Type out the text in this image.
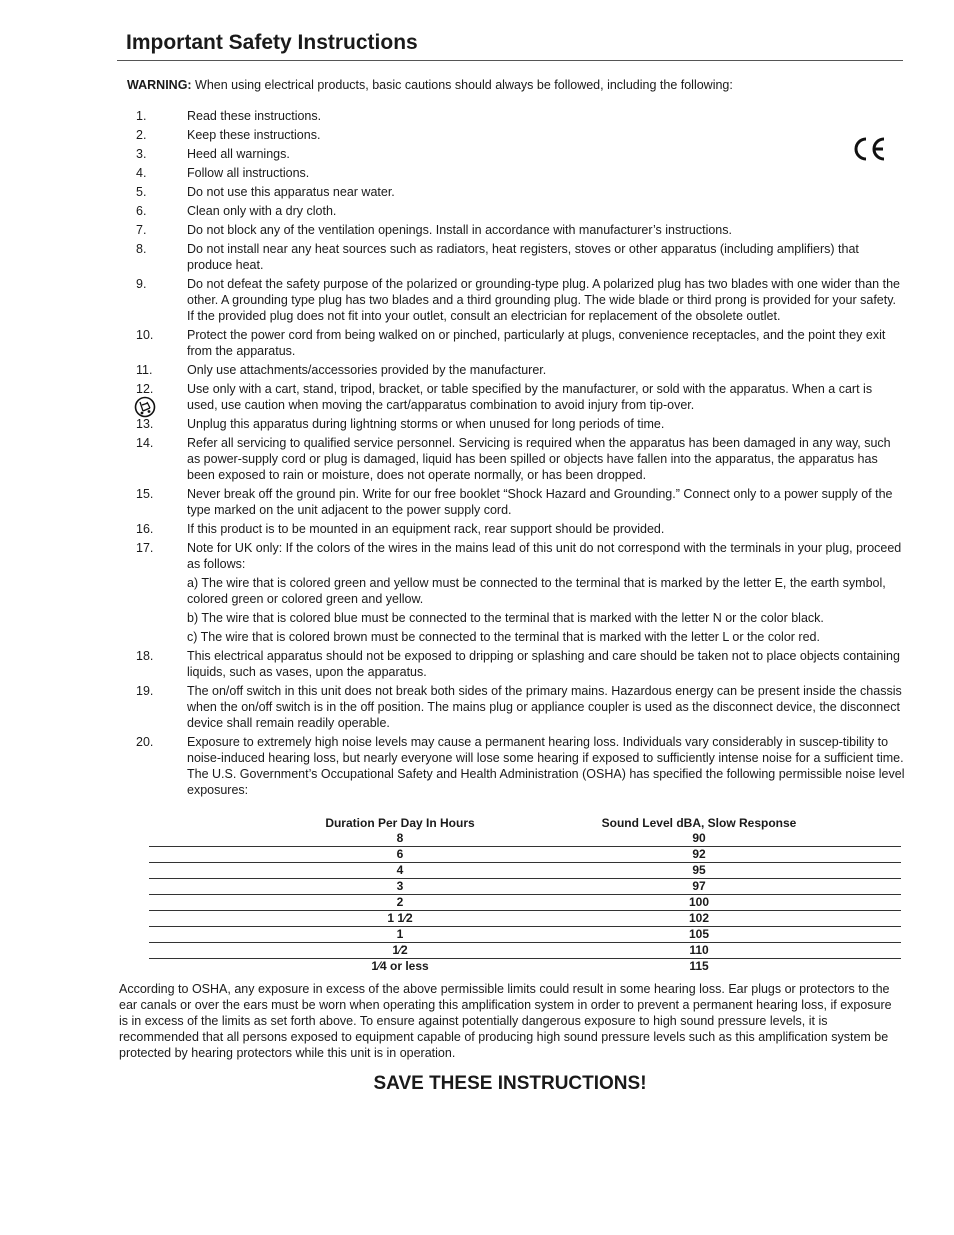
Important Safety Instructions

WARNING: When using electrical products, basic cautions should always be followed, including the following:

1.	Read these instructions.
2.	Keep these instructions.
3.	Heed all warnings.
4.	Follow all instructions.
5.	Do not use this apparatus near water.
6.	Clean only with a dry cloth.
7.	Do not block any of the ventilation openings. Install in accordance with manufacturer’s instructions.
8.	Do not install near any heat sources such as radiators, heat registers, stoves or other apparatus (including amplifiers) that produce heat.
9.	Do not defeat the safety purpose of the polarized or grounding-type plug. A polarized plug has two blades with one wider than the other. A grounding type plug has two blades and a third grounding plug. The wide blade or third prong is provided for your safety. If the provided plug does not fit into your outlet, consult an electrician for replacement of the obsolete outlet.
10.	Protect the power cord from being walked on or pinched, particularly at plugs, convenience receptacles, and the point they exit from the apparatus.
11.	Only use attachments/accessories provided by the manufacturer.
12.	Use only with a cart, stand, tripod, bracket, or table specified by the manufacturer, or sold with the apparatus. When a cart is used, use caution when moving the cart/apparatus combination to avoid injury from tip-over.
13.	Unplug this apparatus during lightning storms or when unused for long periods of time.
14.	Refer all servicing to qualified service personnel. Servicing is required when the apparatus has been damaged in any way, such as power-supply cord or plug is damaged, liquid has been spilled or objects have fallen into the apparatus, the apparatus has been exposed to rain or moisture, does not operate normally, or has been dropped.
15.	Never break off the ground pin. Write for our free booklet “Shock Hazard and Grounding.” Connect only to a power supply of the type marked on the unit adjacent to the power supply cord.
16.	If this product is to be mounted in an equipment rack, rear support should be provided.
17.	Note for UK only: If the colors of the wires in the mains lead of this unit do not correspond with the terminals in your plug, proceed as follows:
a) The wire that is colored green and yellow must be connected to the terminal that is marked by the letter E, the earth symbol, colored green or colored green and yellow.
b) The wire that is colored blue must be connected to the terminal that is marked with the letter N or the color black.
c) The wire that is colored brown must be connected to the terminal that is marked with the letter L or the color red.
18.	This electrical apparatus should not be exposed to dripping or splashing and care should be taken not to place objects containing liquids, such as vases, upon the apparatus.
19.	The on/off switch in this unit does not break both sides of the primary mains. Hazardous energy can be present inside the chassis when the on/off switch is in the off position. The mains plug or appliance coupler is used as the disconnect device, the disconnect device shall remain readily operable.
20.	Exposure to extremely high noise levels may cause a permanent hearing loss. Individuals vary considerably in suscep-tibility to noise-induced hearing loss, but nearly everyone will lose some hearing if exposed to sufficiently intense noise for a sufficient time. The U.S. Government’s Occupational Safety and Health Administration (OSHA) has specified the following permissible noise level exposures:
Duration Per Day In Hours	Sound Level dBA, Slow Response
8	90
6	92
4	95
3	97
2	100
1 1⁄2	102
1	105
1⁄2	110
1⁄4 or less	115

According to OSHA, any exposure in excess of the above permissible limits could result in some hearing loss. Ear plugs or protectors to the ear canals or over the ears must be worn when operating this amplification system in order to prevent a permanent hearing loss, if exposure is in excess of the limits as set forth above. To ensure against potentially dangerous exposure to high sound pressure levels, it is recommended that all persons exposed to equipment capable of producing high sound pressure levels such as this amplification system be protected by hearing protectors while this unit is in operation.

SAVE THESE INSTRUCTIONS!
